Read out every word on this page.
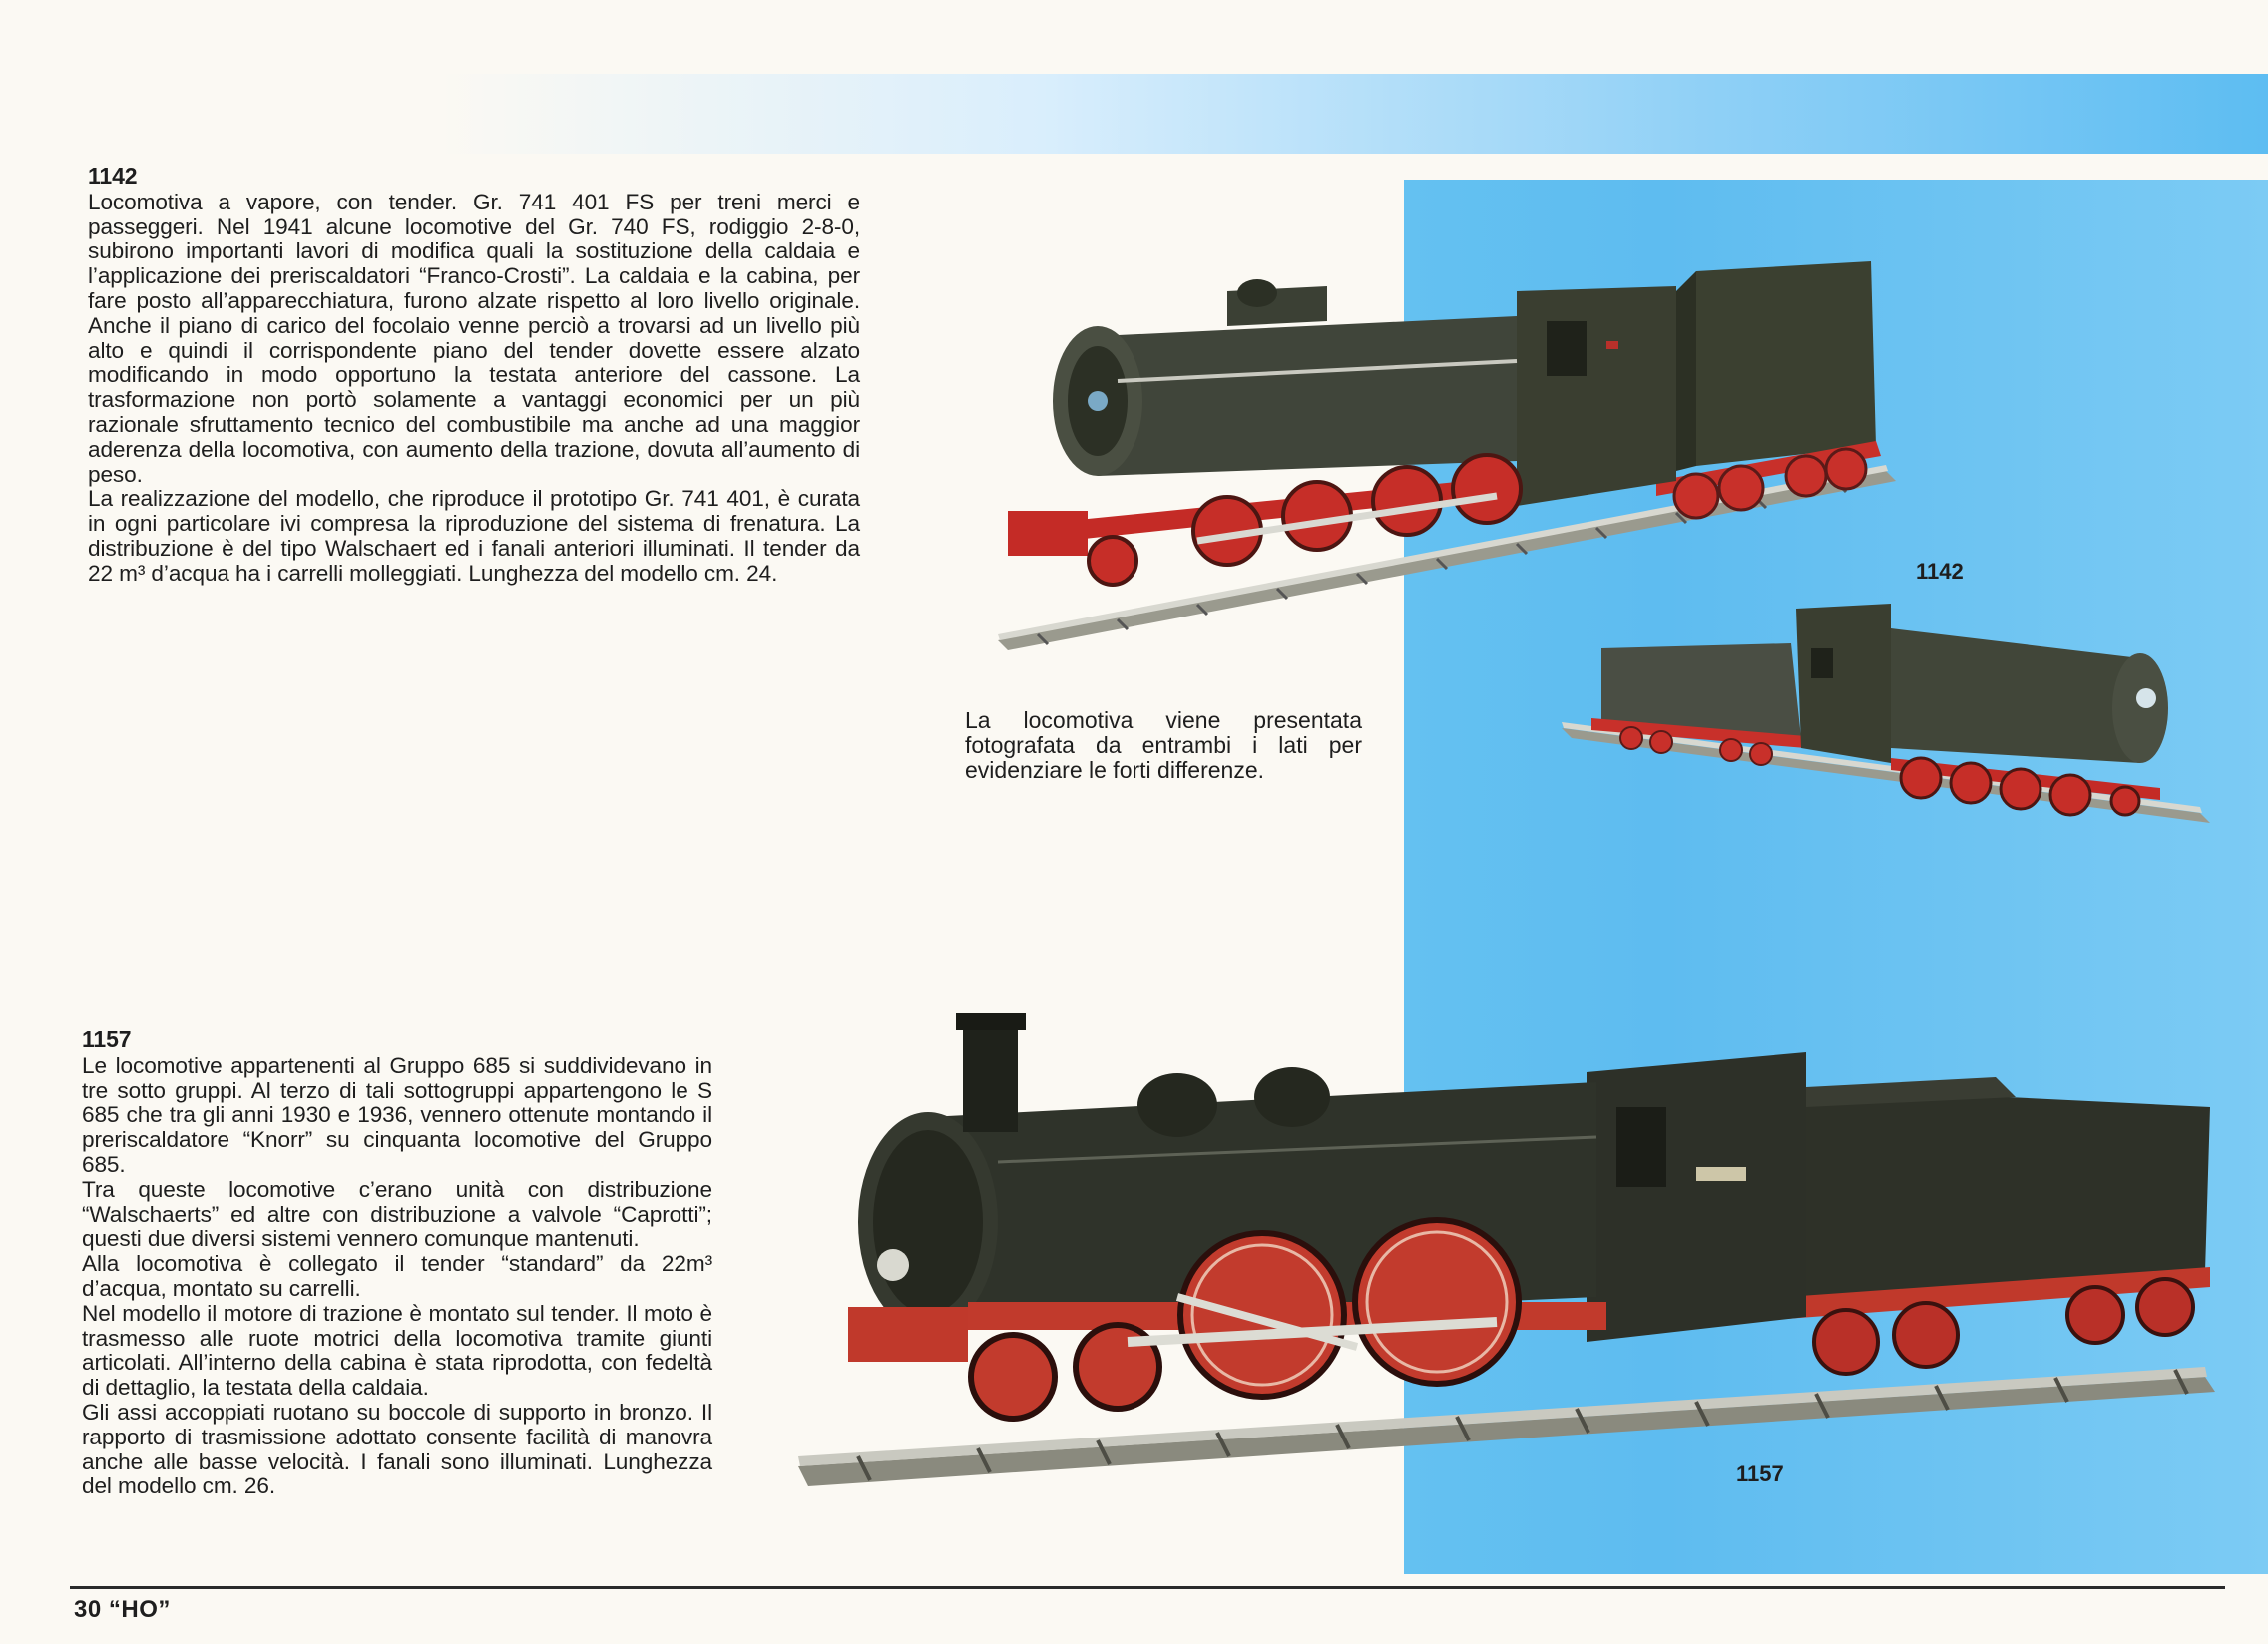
1142

Locomotiva a vapore, con tender. Gr. 741 401 FS per treni merci e passeggeri. Nel 1941 alcune locomotive del Gr. 740 FS, rodiggio 2-8-0, subirono importanti lavori di modifica quali la sostituzione della caldaia e l’applicazione dei preriscaldatori “Franco-Crosti”. La caldaia e la cabina, per fare posto all’apparecchiatura, furono alzate rispetto al loro livello originale. Anche il piano di carico del focolaio venne perciò a trovarsi ad un livello più alto e quindi il corrispondente piano del tender dovette essere alzato modificando in modo opportuno la testata anteriore del cassone. La trasformazione non portò solamente a vantaggi economici per un più razionale sfruttamento tecnico del combustibile ma anche ad una maggior aderenza della locomotiva, con aumento della trazione, dovuta all’aumento di peso.

La realizzazione del modello, che riproduce il prototipo Gr. 741 401, è curata in ogni particolare ivi compresa la riproduzione del sistema di frenatura. La distribuzione è del tipo Walschaert ed i fanali anteriori illuminati. Il tender da 22 m³ d’acqua ha i carrelli molleggiati. Lunghezza del modello cm. 24.	1142
La locomotiva viene presentata fotografata da entrambi i lati per evidenziare le forti differenze.
1157

Le locomotive appartenenti al Gruppo 685 si suddividevano in tre sotto gruppi. Al terzo di tali sottogruppi appartengono le S 685 che tra gli anni 1930 e 1936, vennero ottenute montando il preriscaldatore “Knorr” su cinquanta locomotive del Gruppo 685.

Tra queste locomotive c’erano unità con distribuzione “Walschaerts” ed altre con distribuzione a valvole “Caprotti”; questi due diversi sistemi vennero comunque mantenuti.

Alla locomotiva è collegato il tender “standard” da 22m³ d’acqua, montato su carrelli.

Nel modello il motore di trazione è montato sul tender. Il moto è trasmesso alle ruote motrici della locomotiva tramite giunti articolati. All’interno della cabina è stata riprodotta, con fedeltà di dettaglio, la testata della caldaia.

Gli assi accoppiati ruotano su boccole di supporto in bronzo. Il rapporto di trasmissione adottato consente facilità di manovra anche alle basse velocità. I fanali sono illuminati. Lunghezza del modello cm. 26.	1157
30 “HO”
